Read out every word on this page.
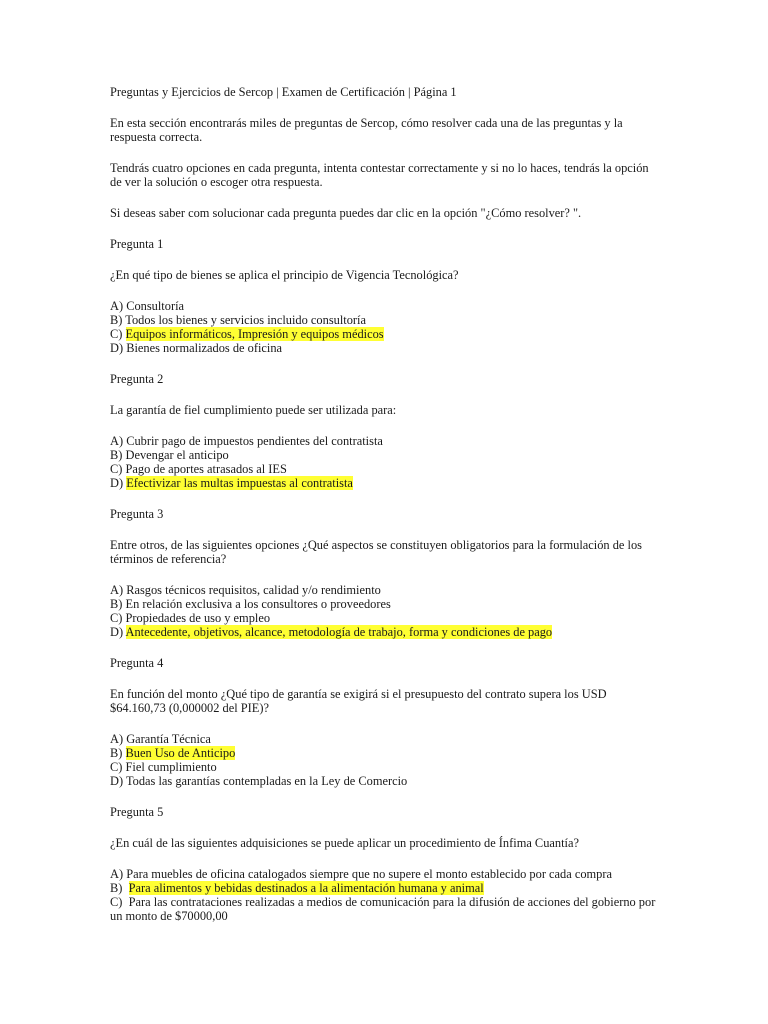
Preguntas y Ejercicios de Sercop | Examen de Certificación | Página 1

En esta sección encontrarás miles de preguntas de Sercop, cómo resolver cada una de las preguntas y la respuesta correcta.

Tendrás cuatro opciones en cada pregunta, intenta contestar correctamente y si no lo haces, tendrás la opción de ver la solución o escoger otra respuesta.

Si deseas saber com solucionar cada pregunta puedes dar clic en la opción "¿Cómo resolver? ".

Pregunta 1

¿En qué tipo de bienes se aplica el principio de Vigencia Tecnológica?

A) Consultoría

B) Todos los bienes y servicios incluido consultoría

C) Equipos informáticos, Impresión y equipos médicos

D) Bienes normalizados de oficina

Pregunta 2

La garantía de fiel cumplimiento puede ser utilizada para:

A) Cubrir pago de impuestos pendientes del contratista

B) Devengar el anticipo

C) Pago de aportes atrasados al IES

D) Efectivizar las multas impuestas al contratista

Pregunta 3

Entre otros, de las siguientes opciones ¿Qué aspectos se constituyen obligatorios para la formulación de los términos de referencia?

A) Rasgos técnicos requisitos, calidad y/o rendimiento

B) En relación exclusiva a los consultores o proveedores

C) Propiedades de uso y empleo

D) Antecedente, objetivos, alcance, metodología de trabajo, forma y condiciones de pago

Pregunta 4

En función del monto ¿Qué tipo de garantía se exigirá si el presupuesto del contrato supera los USD $64.160,73 (0,000002 del PIE)?

A) Garantía Técnica

B) Buen Uso de Anticipo

C) Fiel cumplimiento

D) Todas las garantías contempladas en la Ley de Comercio

Pregunta 5

¿En cuál de las siguientes adquisiciones se puede aplicar un procedimiento de Ínfima Cuantía?

A) Para muebles de oficina catalogados siempre que no supere el monto establecido por cada compra

B) Para alimentos y bebidas destinados a la alimentación humana y animal

C) Para las contrataciones realizadas a medios de comunicación para la difusión de acciones del gobierno por un monto de $70000,00
